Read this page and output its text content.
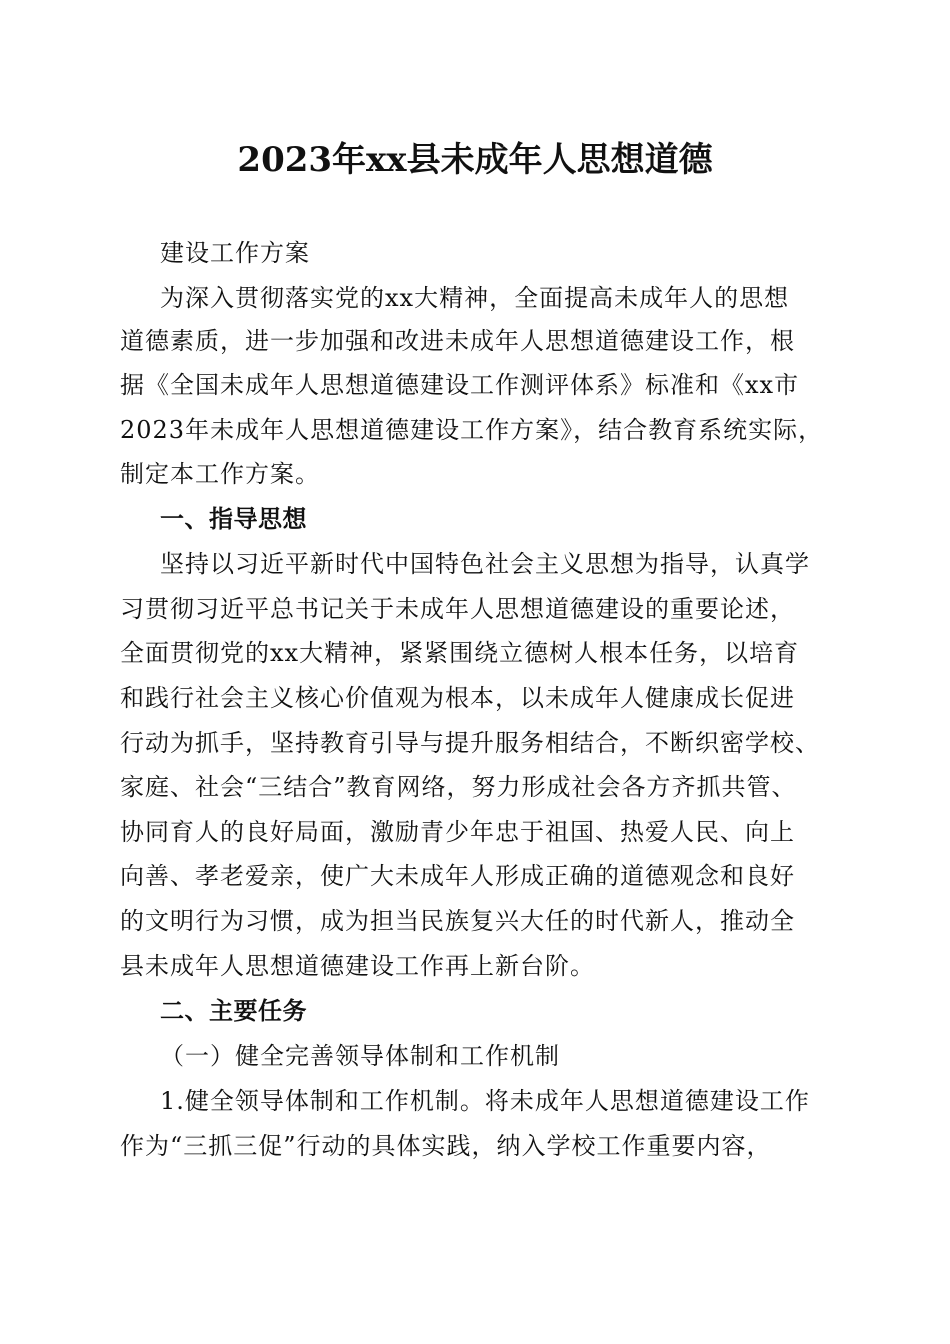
2023年xx县未成年人思想道德
建设工作方案
为深入贯彻落实党的xx大精神，全面提高未成年人的思想
道德素质，进一步加强和改进未成年人思想道德建设工作，根
据《全国未成年人思想道德建设工作测评体系》标准和《xx市
2023年未成年人思想道德建设工作方案》，结合教育系统实际，
制定本工作方案。
一、指导思想
坚持以习近平新时代中国特色社会主义思想为指导，认真学
习贯彻习近平总书记关于未成年人思想道德建设的重要论述，
全面贯彻党的xx大精神，紧紧围绕立德树人根本任务，以培育
和践行社会主义核心价值观为根本，以未成年人健康成长促进
行动为抓手，坚持教育引导与提升服务相结合，不断织密学校、
家庭、社会“三结合”教育网络，努力形成社会各方齐抓共管、
协同育人的良好局面，激励青少年忠于祖国、热爱人民、向上
向善、孝老爱亲，使广大未成年人形成正确的道德观念和良好
的文明行为习惯，成为担当民族复兴大任的时代新人，推动全
县未成年人思想道德建设工作再上新台阶。
二、主要任务
（一）健全完善领导体制和工作机制
1.健全领导体制和工作机制。将未成年人思想道德建设工作
作为“三抓三促”行动的具体实践，纳入学校工作重要内容，
